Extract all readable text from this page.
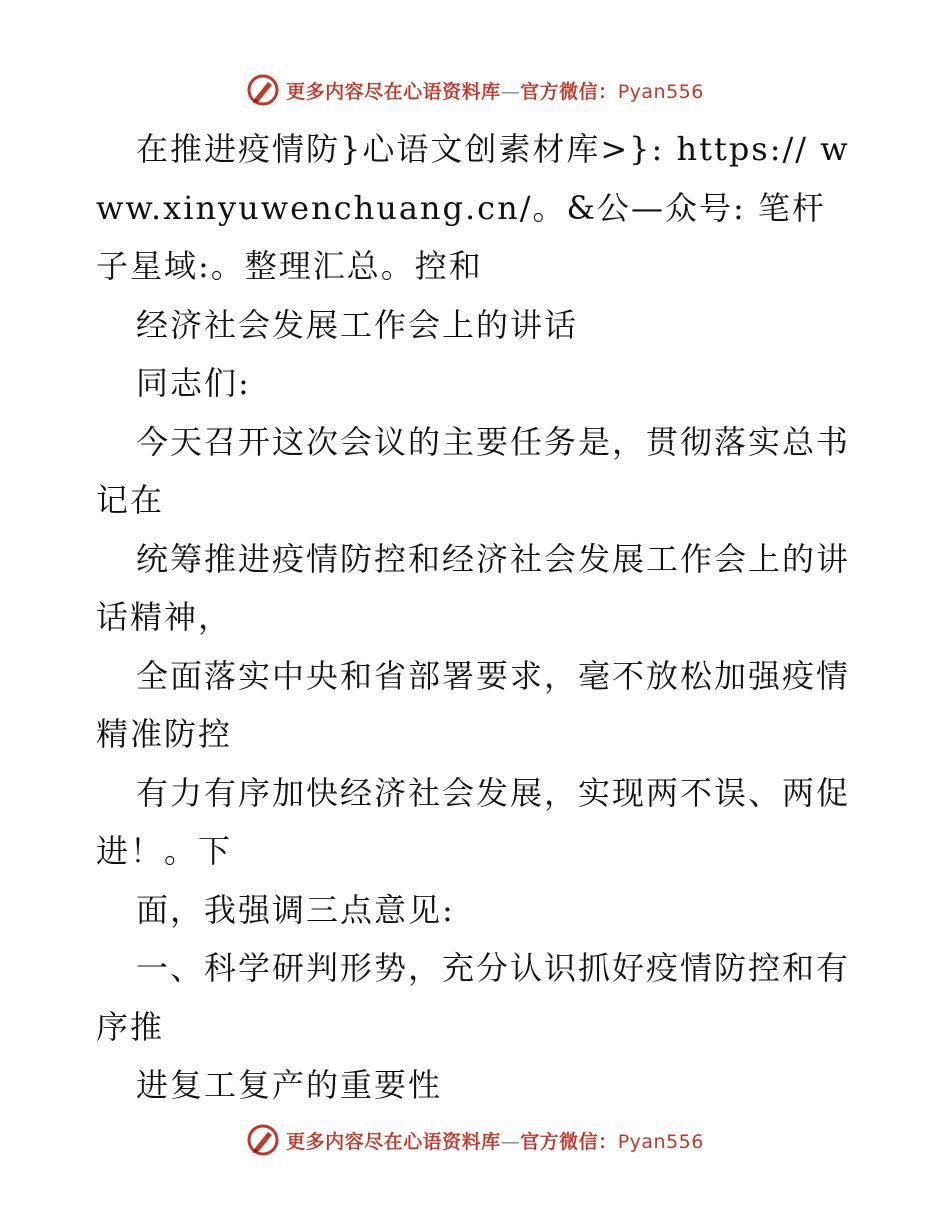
更多内容尽在心语资料库—官方微信：Pyan556

在推进疫情防}心语文创素材库>}: https:// www.xinyuwenchuang.cn/。&公—众号: 笔杆子星域:。整理汇总。控和

经济社会发展工作会上的讲话

同志们:

今天召开这次会议的主要任务是，贯彻落实总书记在

统筹推进疫情防控和经济社会发展工作会上的讲话精神，

全面落实中央和省部署要求，毫不放松加强疫情精准防控

有力有序加快经济社会发展，实现两不误、两促进！。下

面，我强调三点意见:

一、科学研判形势，充分认识抓好疫情防控和有序推

进复工复产的重要性

更多内容尽在心语资料库—官方微信：Pyan556
